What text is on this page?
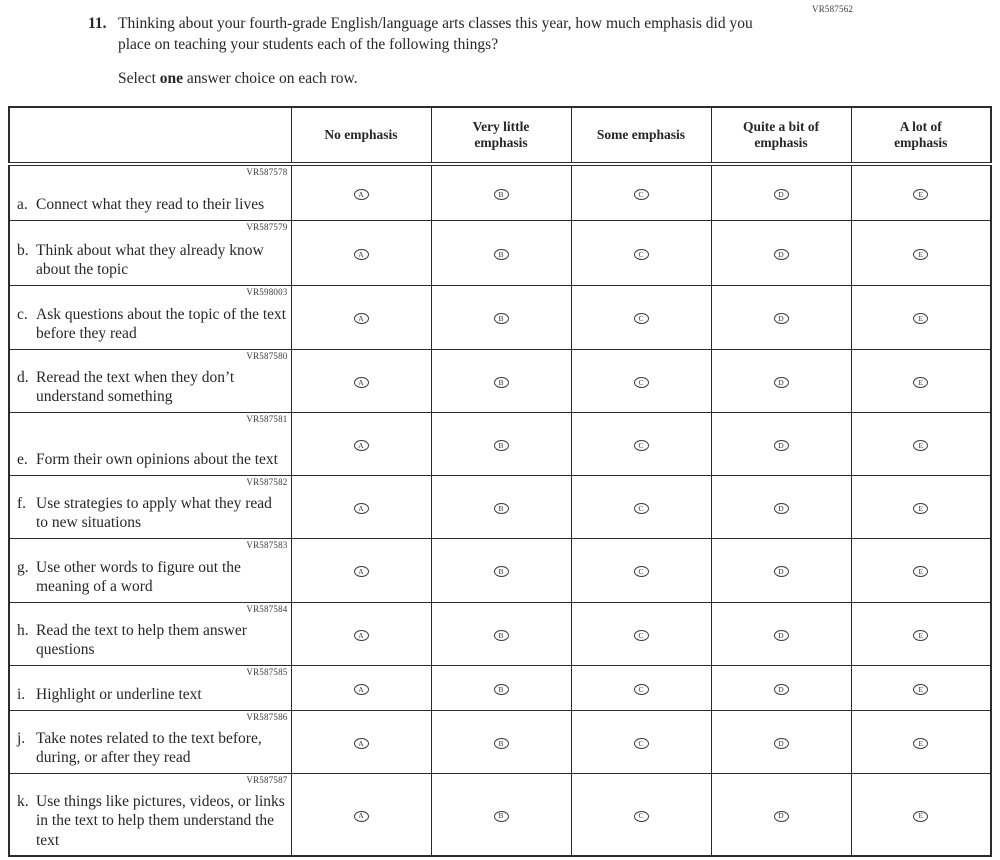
VR587562
11. Thinking about your fourth-grade English/language arts classes this year, how much emphasis did you place on teaching your students each of the following things?
Select one answer choice on each row.
	No emphasis	Very little emphasis	Some emphasis	Quite a bit of emphasis	A lot of emphasis

VR587578
a. Connect what they read to their lives	A	B	C	D	E

VR587579
b. Think about what they already know about the topic	A	B	C	D	E

VR598003
c. Ask questions about the topic of the text before they read	A	B	C	D	E

VR587580
d. Reread the text when they don’t understand something	A	B	C	D	E

VR587581
e. Form their own opinions about the text	A	B	C	D	E

VR587582
f. Use strategies to apply what they read to new situations	A	B	C	D	E

VR587583
g. Use other words to figure out the meaning of a word	A	B	C	D	E

VR587584
h. Read the text to help them answer questions	A	B	C	D	E

VR587585
i. Highlight or underline text	A	B	C	D	E

VR587586
j. Take notes related to the text before, during, or after they read	A	B	C	D	E

VR587587
k. Use things like pictures, videos, or links in the text to help them understand the text	A	B	C	D	E
